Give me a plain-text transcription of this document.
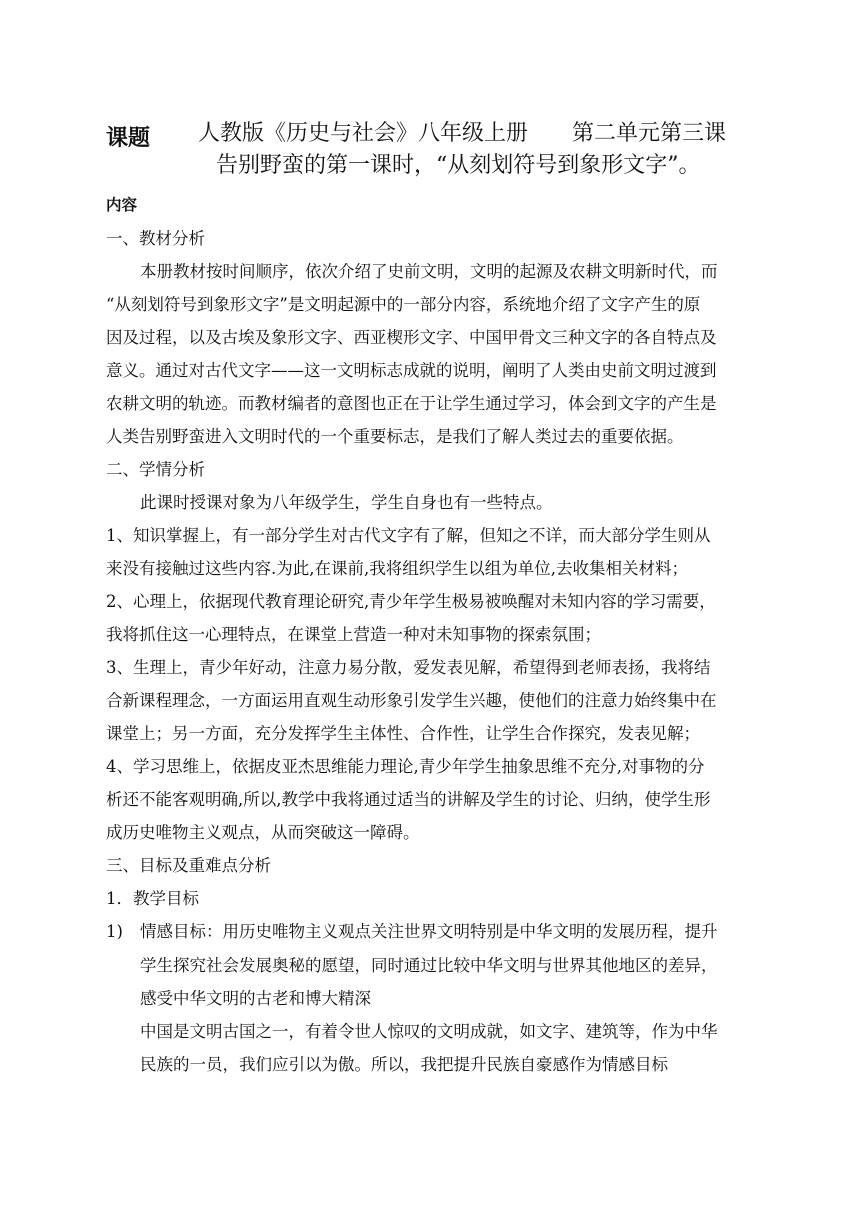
课题 人教版《历史与社会》八年级上册　　第二单元第三课
告别野蛮的第一课时，“从刻划符号到象形文字”。
内容
一、教材分析
本册教材按时间顺序，依次介绍了史前文明，文明的起源及农耕文明新时代，而
“从刻划符号到象形文字”是文明起源中的一部分内容，系统地介绍了文字产生的原
因及过程，以及古埃及象形文字、西亚楔形文字、中国甲骨文三种文字的各自特点及
意义。通过对古代文字——这一文明标志成就的说明，阐明了人类由史前文明过渡到
农耕文明的轨迹。而教材编者的意图也正在于让学生通过学习，体会到文字的产生是
人类告别野蛮进入文明时代的一个重要标志，是我们了解人类过去的重要依据。
二、学情分析
此课时授课对象为八年级学生，学生自身也有一些特点。
1、知识掌握上，有一部分学生对古代文字有了解，但知之不详，而大部分学生则从
来没有接触过这些内容.为此,在课前,我将组织学生以组为单位,去收集相关材料；
2、心理上，依据现代教育理论研究,青少年学生极易被唤醒对未知内容的学习需要，
我将抓住这一心理特点，在课堂上营造一种对未知事物的探索氛围；
3、生理上，青少年好动，注意力易分散，爱发表见解，希望得到老师表扬，我将结
合新课程理念，一方面运用直观生动形象引发学生兴趣，使他们的注意力始终集中在
课堂上；另一方面，充分发挥学生主体性、合作性，让学生合作探究，发表见解；
4、学习思维上，依据皮亚杰思维能力理论,青少年学生抽象思维不充分,对事物的分
析还不能客观明确,所以,教学中我将通过适当的讲解及学生的讨论、归纳，使学生形
成历史唯物主义观点，从而突破这一障碍。
三、目标及重难点分析
1．教学目标
1) 情感目标：用历史唯物主义观点关注世界文明特别是中华文明的发展历程，提升
学生探究社会发展奥秘的愿望，同时通过比较中华文明与世界其他地区的差异，
感受中华文明的古老和博大精深
中国是文明古国之一，有着令世人惊叹的文明成就，如文字、建筑等，作为中华
民族的一员，我们应引以为傲。所以，我把提升民族自豪感作为情感目标
